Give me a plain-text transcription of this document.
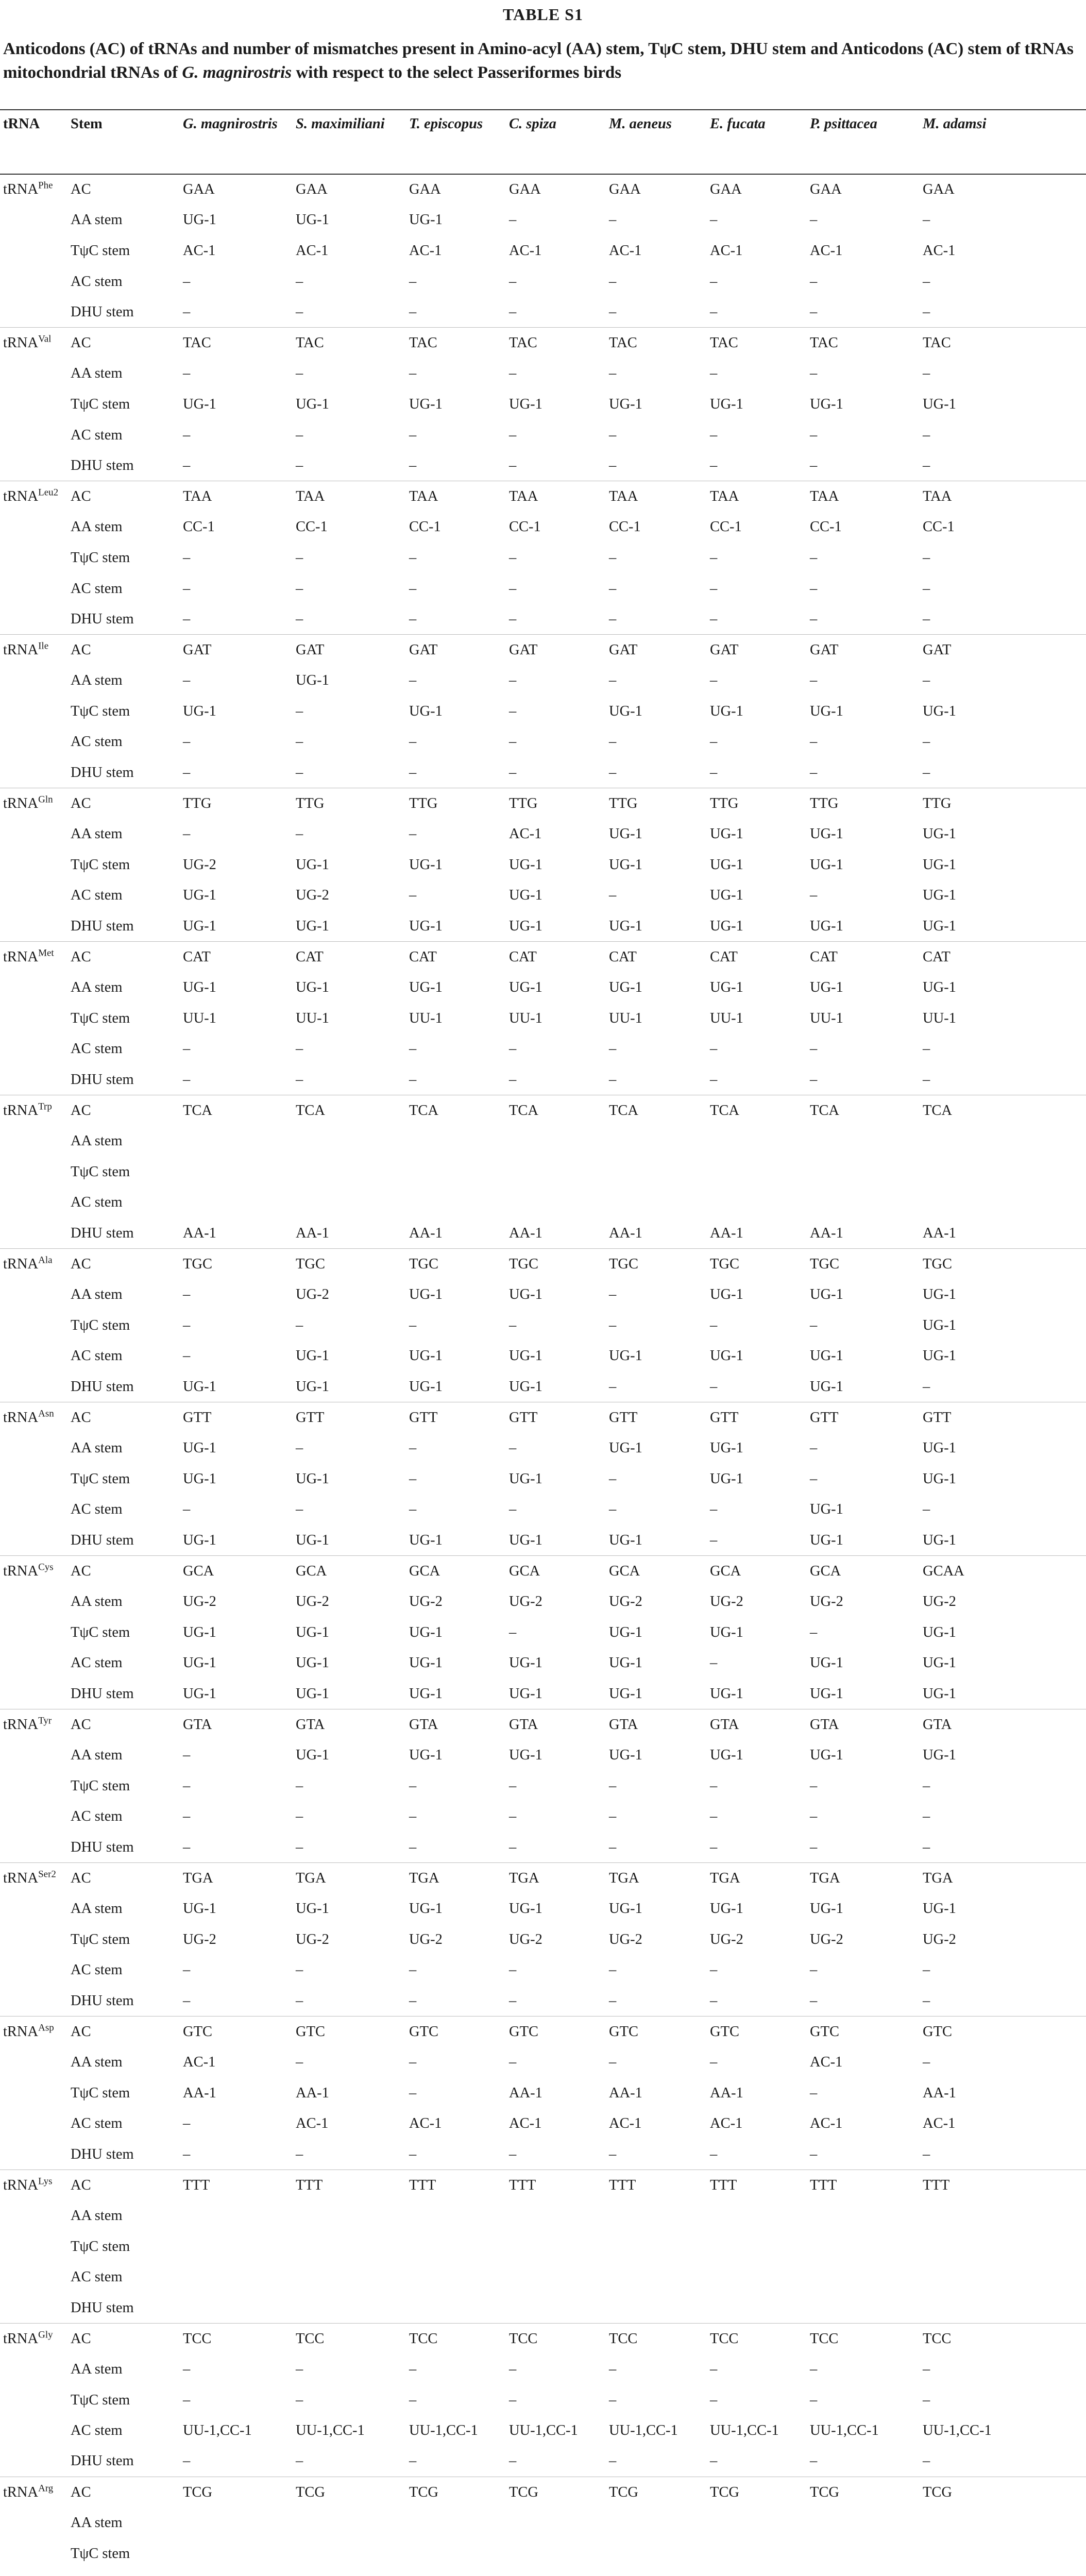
TABLE S1
Anticodons (AC) of tRNAs and number of mismatches present in Amino-acyl (AA) stem, TψC stem, DHU stem and Anticodons (AC) stem of tRNAs mitochondrial tRNAs of G. magnirostris with respect to the select Passeriformes birds
tRNA	Stem	G. magnirostris	S. maximiliani	T. episcopus	C. spiza	M. aeneus	E. fucata	P. psittacea	M. adamsi
tRNA$^{Phe}$	AC	GAA	GAA	GAA	GAA	GAA	GAA	GAA	GAA
	AA stem	UG-1	UG-1	UG-1	–	–	–	–	–
	TψC stem	AC-1	AC-1	AC-1	AC-1	AC-1	AC-1	AC-1	AC-1
	AC stem	–	–	–	–	–	–	–	–
	DHU stem	–	–	–	–	–	–	–	–
tRNA$^{Val}$	AC	TAC	TAC	TAC	TAC	TAC	TAC	TAC	TAC
	AA stem	–	–	–	–	–	–	–	–
	TψC stem	UG-1	UG-1	UG-1	UG-1	UG-1	UG-1	UG-1	UG-1
	AC stem	–	–	–	–	–	–	–	–
	DHU stem	–	–	–	–	–	–	–	–
tRNA$^{Leu2}$	AC	TAA	TAA	TAA	TAA	TAA	TAA	TAA	TAA
	AA stem	CC-1	CC-1	CC-1	CC-1	CC-1	CC-1	CC-1	CC-1
	TψC stem	–	–	–	–	–	–	–	–
	AC stem	–	–	–	–	–	–	–	–
	DHU stem	–	–	–	–	–	–	–	–
tRNA$^{Ile}$	AC	GAT	GAT	GAT	GAT	GAT	GAT	GAT	GAT
	AA stem	–	UG-1	–	–	–	–	–	–
	TψC stem	UG-1	–	UG-1	–	UG-1	UG-1	UG-1	UG-1
	AC stem	–	–	–	–	–	–	–	–
	DHU stem	–	–	–	–	–	–	–	–
tRNA$^{Gln}$	AC	TTG	TTG	TTG	TTG	TTG	TTG	TTG	TTG
	AA stem	–	–	–	AC-1	UG-1	UG-1	UG-1	UG-1
	TψC stem	UG-2	UG-1	UG-1	UG-1	UG-1	UG-1	UG-1	UG-1
	AC stem	UG-1	UG-2	–	UG-1	–	UG-1	–	UG-1
	DHU stem	UG-1	UG-1	UG-1	UG-1	UG-1	UG-1	UG-1	UG-1
tRNA$^{Met}$	AC	CAT	CAT	CAT	CAT	CAT	CAT	CAT	CAT
	AA stem	UG-1	UG-1	UG-1	UG-1	UG-1	UG-1	UG-1	UG-1
	TψC stem	UU-1	UU-1	UU-1	UU-1	UU-1	UU-1	UU-1	UU-1
	AC stem	–	–	–	–	–	–	–	–
	DHU stem	–	–	–	–	–	–	–	–
tRNA$^{Trp}$	AC	TCA	TCA	TCA	TCA	TCA	TCA	TCA	TCA
	AA stem								
	TψC stem								
	AC stem								
	DHU stem	AA-1	AA-1	AA-1	AA-1	AA-1	AA-1	AA-1	AA-1
tRNA$^{Ala}$	AC	TGC	TGC	TGC	TGC	TGC	TGC	TGC	TGC
	AA stem	–	UG-2	UG-1	UG-1	–	UG-1	UG-1	UG-1
	TψC stem	–	–	–	–	–	–	–	UG-1
	AC stem	–	UG-1	UG-1	UG-1	UG-1	UG-1	UG-1	UG-1
	DHU stem	UG-1	UG-1	UG-1	UG-1	–	–	UG-1	–
tRNA$^{Asn}$	AC	GTT	GTT	GTT	GTT	GTT	GTT	GTT	GTT
	AA stem	UG-1	–	–	–	UG-1	UG-1	–	UG-1
	TψC stem	UG-1	UG-1	–	UG-1	–	UG-1	–	UG-1
	AC stem	–	–	–	–	–	–	UG-1	–
	DHU stem	UG-1	UG-1	UG-1	UG-1	UG-1	–	UG-1	UG-1
tRNA$^{Cys}$	AC	GCA	GCA	GCA	GCA	GCA	GCA	GCA	GCAA
	AA stem	UG-2	UG-2	UG-2	UG-2	UG-2	UG-2	UG-2	UG-2
	TψC stem	UG-1	UG-1	UG-1	–	UG-1	UG-1	–	UG-1
	AC stem	UG-1	UG-1	UG-1	UG-1	UG-1	–	UG-1	UG-1
	DHU stem	UG-1	UG-1	UG-1	UG-1	UG-1	UG-1	UG-1	UG-1
tRNA$^{Tyr}$	AC	GTA	GTA	GTA	GTA	GTA	GTA	GTA	GTA
	AA stem	–	UG-1	UG-1	UG-1	UG-1	UG-1	UG-1	UG-1
	TψC stem	–	–	–	–	–	–	–	–
	AC stem	–	–	–	–	–	–	–	–
	DHU stem	–	–	–	–	–	–	–	–
tRNA$^{Ser2}$	AC	TGA	TGA	TGA	TGA	TGA	TGA	TGA	TGA
	AA stem	UG-1	UG-1	UG-1	UG-1	UG-1	UG-1	UG-1	UG-1
	TψC stem	UG-2	UG-2	UG-2	UG-2	UG-2	UG-2	UG-2	UG-2
	AC stem	–	–	–	–	–	–	–	–
	DHU stem	–	–	–	–	–	–	–	–
tRNA$^{Asp}$	AC	GTC	GTC	GTC	GTC	GTC	GTC	GTC	GTC
	AA stem	AC-1	–	–	–	–	–	AC-1	–
	TψC stem	AA-1	AA-1	–	AA-1	AA-1	AA-1	–	AA-1
	AC stem	–	AC-1	AC-1	AC-1	AC-1	AC-1	AC-1	AC-1
	DHU stem	–	–	–	–	–	–	–	–
tRNA$^{Lys}$	AC	TTT	TTT	TTT	TTT	TTT	TTT	TTT	TTT
	AA stem								
	TψC stem								
	AC stem								
	DHU stem								
tRNA$^{Gly}$	AC	TCC	TCC	TCC	TCC	TCC	TCC	TCC	TCC
	AA stem	–	–	–	–	–	–	–	–
	TψC stem	–	–	–	–	–	–	–	–
	AC stem	UU-1,CC-1	UU-1,CC-1	UU-1,CC-1	UU-1,CC-1	UU-1,CC-1	UU-1,CC-1	UU-1,CC-1	UU-1,CC-1
	DHU stem	–	–	–	–	–	–	–	–
tRNA$^{Arg}$	AC	TCG	TCG	TCG	TCG	TCG	TCG	TCG	TCG
	AA stem								
	TψC stem								
